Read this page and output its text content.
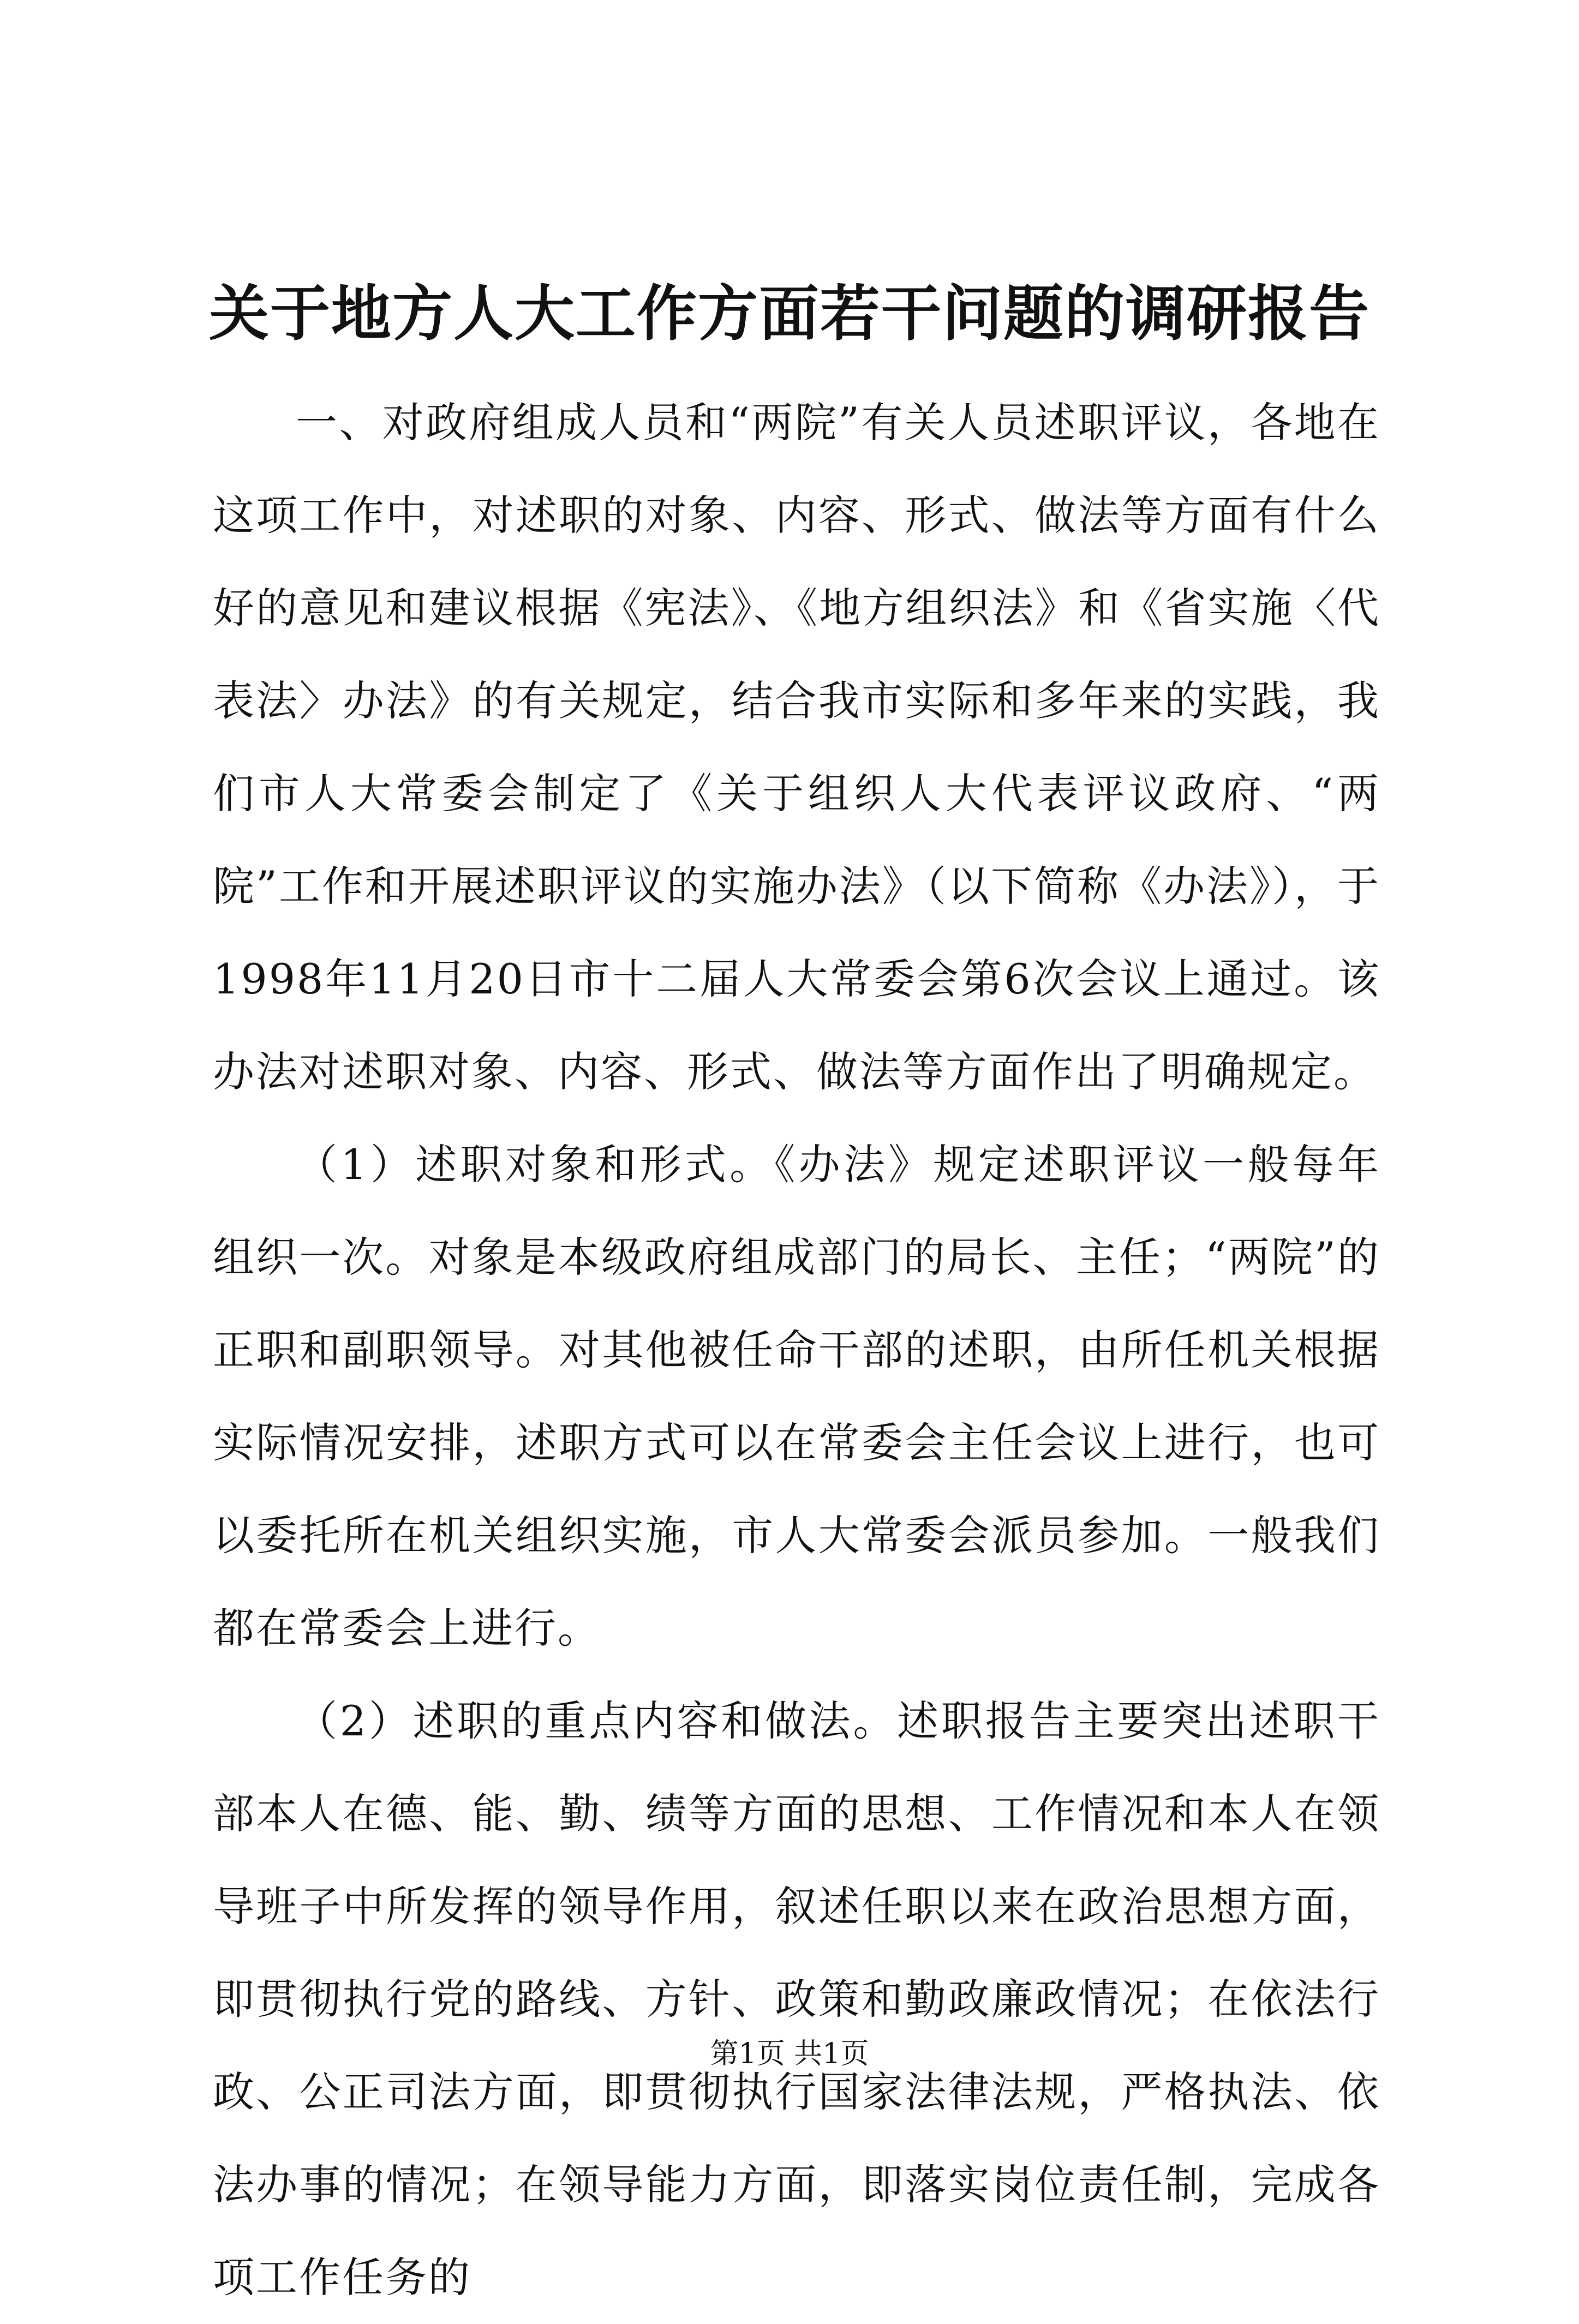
关于地方人大工作方面若干问题的调研报告

一、对政府组成人员和“两院”有关人员述职评议，各地在这项工作中，对述职的对象、内容、形式、做法等方面有什么好的意见和建议根据《宪法》、《地方组织法》和《省实施〈代表法〉办法》的有关规定，结合我市实际和多年来的实践，我们市人大常委会制定了《关于组织人大代表评议政府、“两院”工作和开展述职评议的实施办法》（以下简称《办法》），于1998年11月20日市十二届人大常委会第6次会议上通过。该办法对述职对象、内容、形式、做法等方面作出了明确规定。

（1）述职对象和形式。《办法》规定述职评议一般每年组织一次。对象是本级政府组成部门的局长、主任；“两院”的正职和副职领导。对其他被任命干部的述职，由所任机关根据实际情况安排，述职方式可以在常委会主任会议上进行，也可以委托所在机关组织实施，市人大常委会派员参加。一般我们都在常委会上进行。

（2）述职的重点内容和做法。述职报告主要突出述职干部本人在德、能、勤、绩等方面的思想、工作情况和本人在领导班子中所发挥的领导作用，叙述任职以来在政治思想方面，即贯彻执行党的路线、方针、政策和勤政廉政情况；在依法行政、公正司法方面，即贯彻执行国家法律法规，严格执法、依法办事的情况；在领导能力方面，即落实岗位责任制，完成各项工作任务的

第1页 共1页
